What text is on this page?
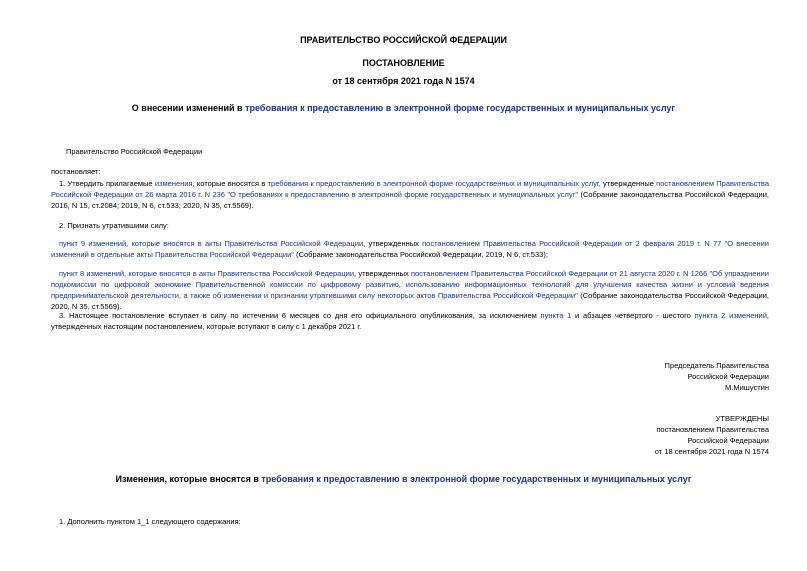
ПРАВИТЕЛЬСТВО РОССИЙСКОЙ ФЕДЕРАЦИИ
ПОСТАНОВЛЕНИЕ
от 18 сентября 2021 года N 1574
О внесении изменений в требования к предоставлению в электронной форме государственных и муниципальных услуг
Правительство Российской Федерации
постановляет:
1. Утвердить прилагаемые изменения, которые вносятся в требования к предоставлению в электронной форме государственных и муниципальных услуг, утвержденные постановлением Правительства Российской Федерации от 26 марта 2016 г. N 236 "О требованиях к предоставлению в электронной форме государственных и муниципальных услуг" (Собрание законодательства Российской Федерации, 2016, N 15, ст.2084; 2019, N 6, ст.533; 2020, N 35, ст.5569).
2. Признать утратившими силу:
пункт 9 изменений, которые вносятся в акты Правительства Российской Федерации, утвержденных постановлением Правительства Российской Федерации от 2 февраля 2019 г. N 77 "О внесении изменений в отдельные акты Правительства Российской Федерации" (Собрание законодательства Российской Федерации, 2019, N 6, ст.533);
пункт 8 изменений, которые вносятся в акты Правительства Российской Федерации, утвержденных постановлением Правительства Российской Федерации от 21 августа 2020 г. N 1266 "Об упразднении подкомиссии по цифровой экономике Правительственной комиссии по цифровому развитию, использованию информационных технологий для улучшения качества жизни и условий ведения предпринимательской деятельности, а также об изменении и признании утратившими силу некоторых актов Правительства Российской Федерации" (Собрание законодательства Российской Федерации, 2020, N 35, ст.5569).
3. Настоящее постановление вступает в силу по истечении 6 месяцев со дня его официального опубликования, за исключением пункта 1 и абзацев четвертого - шестого пункта 2 изменений, утвержденных настоящим постановлением, которые вступают в силу с 1 декабря 2021 г.
Председатель Правительства
Российской Федерации
М.Мишустин
УТВЕРЖДЕНЫ
постановлением Правительства
Российской Федерации
от 18 сентября 2021 года N 1574
Изменения, которые вносятся в требования к предоставлению в электронной форме государственных и муниципальных услуг
1. Дополнить пунктом 1_1 следующего содержания:
